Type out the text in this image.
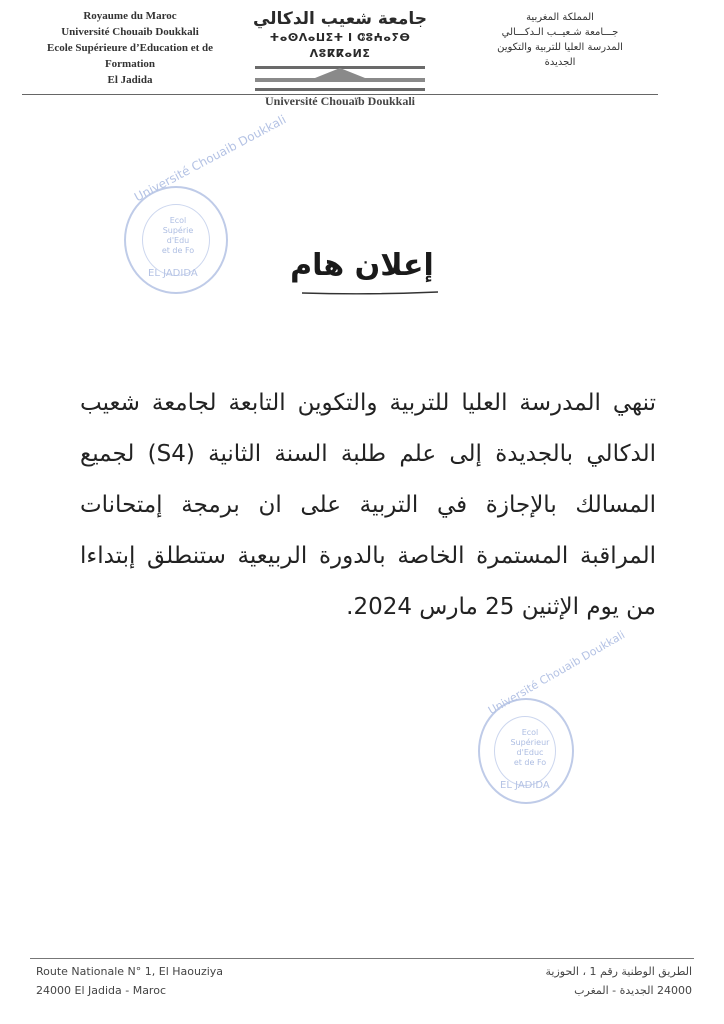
Royaume du Maroc
Université Chouaib Doukkali
Ecole Supérieure d’Education et de
Formation
El Jadida
جامعة شعيب الدكالي
ⵜⴰⵙⴷⴰⵡⵉⵜ ⵏ ⵛⵓⵄⴰⵢⴱ ⴷⵓⴽⴽⴰⵍⵉ
Université Chouaïb Doukkali
المملكة المغربية
جـــامعة شـعيــب الـدكـــالي
المدرسة العليا للتربية والتكوين
الجديدة
Université Chouaib Doukkali
Ecol
Supérie
d'Edu
et de Fo
EL JADIDA	إعلان هام
تنهي المدرسة العليا للتربية والتكوين التابعة لجامعة شعيب الدكالي بالجديدة إلى علم طلبة السنة الثانية (S4) لجميع المسالك بالإجازة في التربية على ان برمجة إمتحانات المراقبة المستمرة الخاصة بالدورة الربيعية ستنطلق إبتداءا من يوم الإثنين 25 مارس 2024.
Université Chouaib Doukkali
Ecol
Supérieur
d'Educ
et de Fo
EL JADIDA
Route Nationale N° 1, El Haouziya
24000 El Jadida - Maroc
الطريق الوطنية رقم 1 ، الحوزية
24000 الجديدة - المغرب
